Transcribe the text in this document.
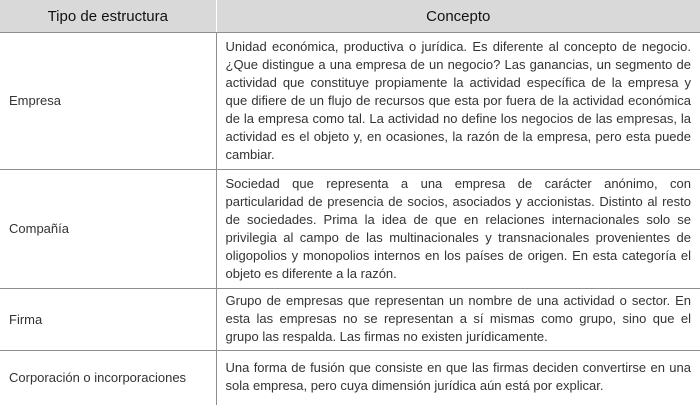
Tipo de estructura	Concepto
Empresa	Unidad económica, productiva o jurídica. Es diferente al concepto de negocio. ¿Que distingue a una empresa de un negocio? Las ganancias, un segmento de actividad que constituye propiamente la actividad específica de la empresa y que difiere de un flujo de recursos que esta por fuera de la actividad económica de la empresa como tal. La actividad no define los negocios de las empresas, la actividad es el objeto y, en ocasiones, la razón de la empresa, pero esta puede cambiar.
Compañía	Sociedad que representa a una empresa de carácter anónimo, con particularidad de presencia de socios, asociados y accionistas. Distinto al resto de sociedades. Prima la idea de que en relaciones internacionales solo se privilegia al campo de las multinacionales y transnacionales provenientes de oligopolios y monopolios internos en los países de origen. En esta categoría el objeto es diferente a la razón.
Firma	Grupo de empresas que representan un nombre de una actividad o sector. En esta las empresas no se representan a sí mismas como grupo, sino que el grupo las respalda. Las firmas no existen jurídicamente.
Corporación o incorporaciones	Una forma de fusión que consiste en que las firmas deciden convertirse en una sola empresa, pero cuya dimensión jurídica aún está por explicar.
